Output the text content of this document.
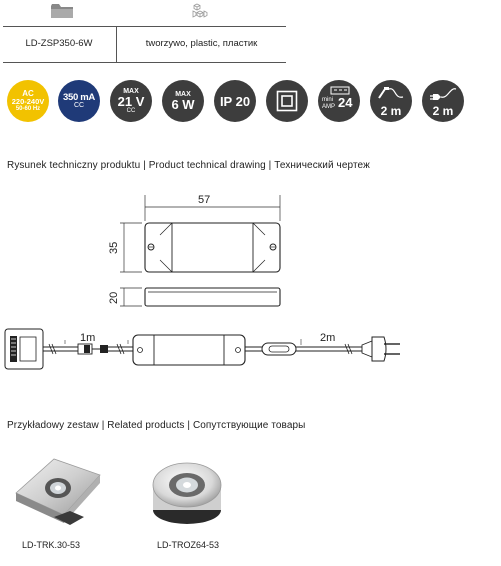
LD-ZSP350-6W	tworzywo, plastic, пластик
AC
220-240V
50-60 Hz
350 mA
CC
MAX
21 V
CC
MAX
6 W IP 20	mini
AMP 24
2 m	2 m
Rysunek techniczny produktu | Product technical drawing | Технический чертеж
57
35
20
1m	2m
Przykładowy zestaw | Related products | Сопутствующие товары
LD-TRK.30-53	LD-TROZ64-53
